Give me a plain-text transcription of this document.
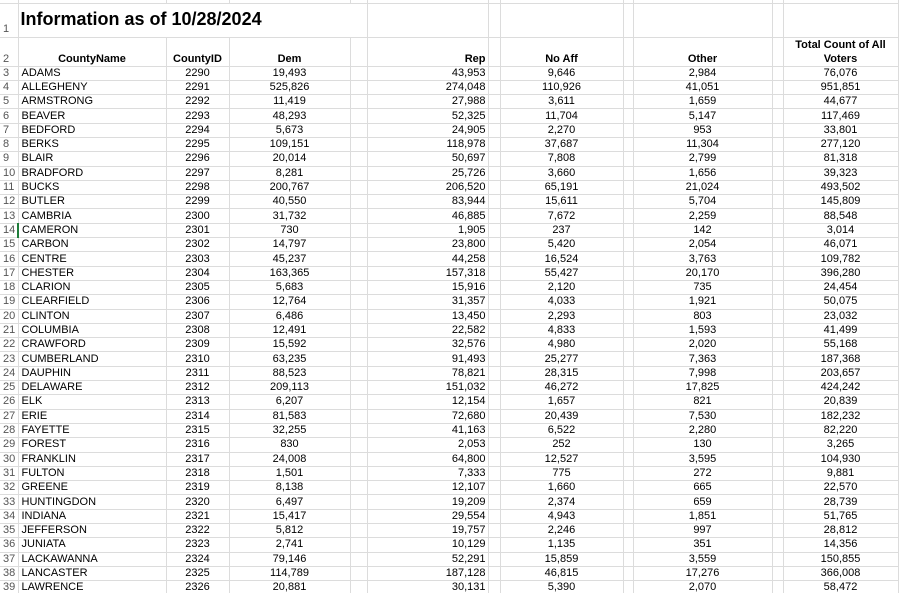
1	Information as of 10/28/2024										
2	CountyName	CountyID	Dem		Rep		No Aff		Other		Total Count of All Voters
3	ADAMS	2290	19,493		43,953		9,646		2,984		76,076
4	ALLEGHENY	2291	525,826		274,048		110,926		41,051		951,851
5	ARMSTRONG	2292	11,419		27,988		3,611		1,659		44,677
6	BEAVER	2293	48,293		52,325		11,704		5,147		117,469
7	BEDFORD	2294	5,673		24,905		2,270		953		33,801
8	BERKS	2295	109,151		118,978		37,687		11,304		277,120
9	BLAIR	2296	20,014		50,697		7,808		2,799		81,318
10	BRADFORD	2297	8,281		25,726		3,660		1,656		39,323
11	BUCKS	2298	200,767		206,520		65,191		21,024		493,502
12	BUTLER	2299	40,550		83,944		15,611		5,704		145,809
13	CAMBRIA	2300	31,732		46,885		7,672		2,259		88,548
14	CAMERON	2301	730		1,905		237		142		3,014
15	CARBON	2302	14,797		23,800		5,420		2,054		46,071
16	CENTRE	2303	45,237		44,258		16,524		3,763		109,782
17	CHESTER	2304	163,365		157,318		55,427		20,170		396,280
18	CLARION	2305	5,683		15,916		2,120		735		24,454
19	CLEARFIELD	2306	12,764		31,357		4,033		1,921		50,075
20	CLINTON	2307	6,486		13,450		2,293		803		23,032
21	COLUMBIA	2308	12,491		22,582		4,833		1,593		41,499
22	CRAWFORD	2309	15,592		32,576		4,980		2,020		55,168
23	CUMBERLAND	2310	63,235		91,493		25,277		7,363		187,368
24	DAUPHIN	2311	88,523		78,821		28,315		7,998		203,657
25	DELAWARE	2312	209,113		151,032		46,272		17,825		424,242
26	ELK	2313	6,207		12,154		1,657		821		20,839
27	ERIE	2314	81,583		72,680		20,439		7,530		182,232
28	FAYETTE	2315	32,255		41,163		6,522		2,280		82,220
29	FOREST	2316	830		2,053		252		130		3,265
30	FRANKLIN	2317	24,008		64,800		12,527		3,595		104,930
31	FULTON	2318	1,501		7,333		775		272		9,881
32	GREENE	2319	8,138		12,107		1,660		665		22,570
33	HUNTINGDON	2320	6,497		19,209		2,374		659		28,739
34	INDIANA	2321	15,417		29,554		4,943		1,851		51,765
35	JEFFERSON	2322	5,812		19,757		2,246		997		28,812
36	JUNIATA	2323	2,741		10,129		1,135		351		14,356
37	LACKAWANNA	2324	79,146		52,291		15,859		3,559		150,855
38	LANCASTER	2325	114,789		187,128		46,815		17,276		366,008
39	LAWRENCE	2326	20,881		30,131		5,390		2,070		58,472
